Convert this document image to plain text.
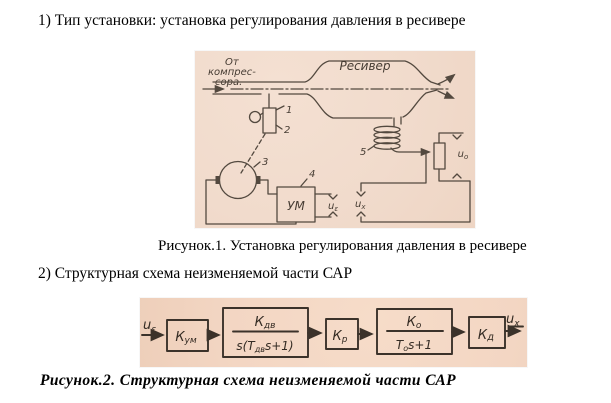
1) Тип установки: установка регулирования давления в ресивере
От
компрес-
сора.
Ресивер
1
2
3
УМ
4
$u_\varepsilon$
5	$u_о$
$u_x$
Рисунок.1. Установка регулирования давления в ресивере
2) Структурная схема неизменяемой части САР
$u_\varepsilon$ Кум
Кдв
s(Тдвs+1)
Кр
Ко
Тоs+1
Кд
$u_x$
Рисунок.2. Структурная схема неизменяемой части САР
